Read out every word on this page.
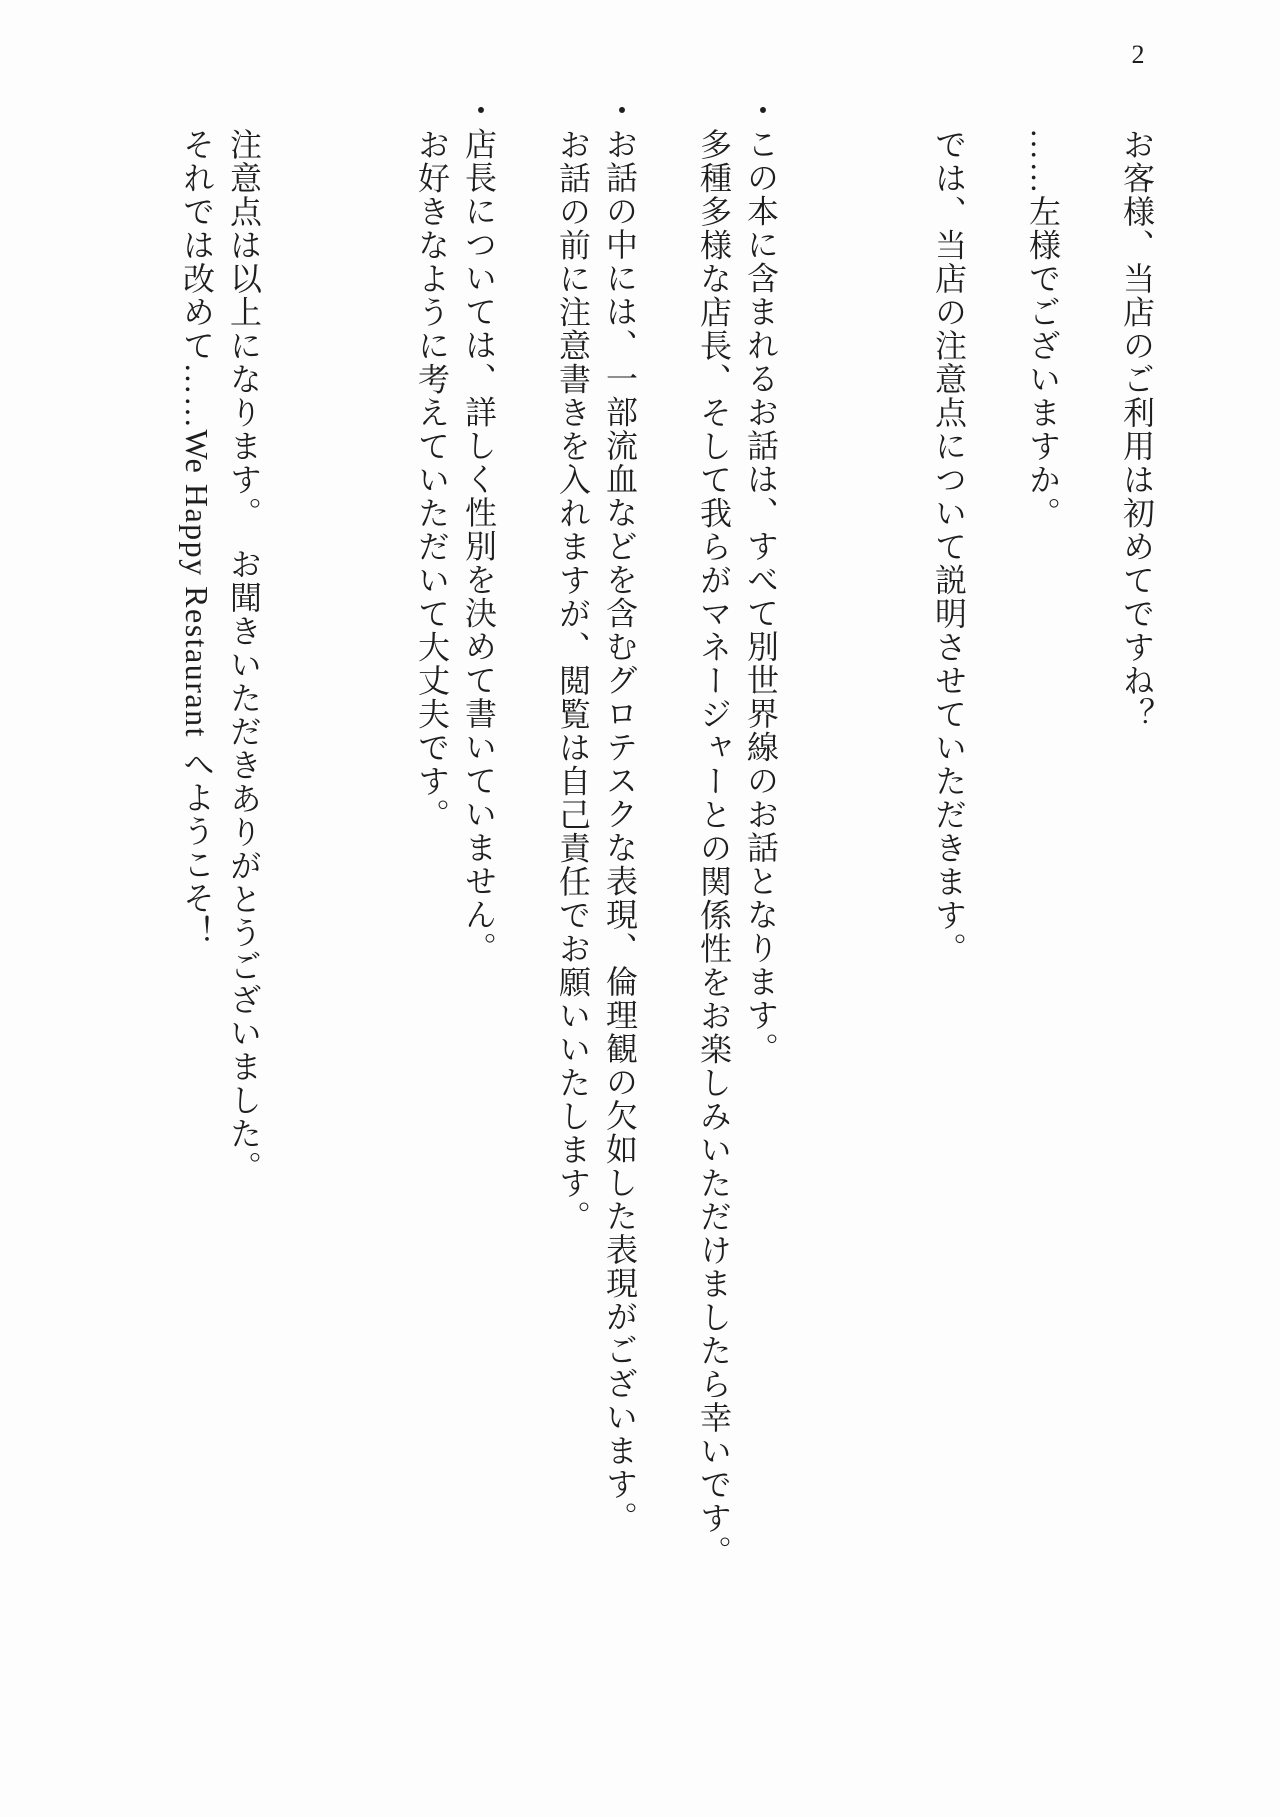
2

お客様、当店のご利用は初めてですね？

……左様でございますか。

では、当店の注意点について説明させていただきます。

・この本に含まれるお話は、すべて別世界線のお話となります。
多種多様な店長、そして我らがマネージャーとの関係性をお楽しみいただけましたら幸いです。

・お話の中には、一部流血などを含むグロテスクな表現、倫理観の欠如した表現がございます。
お話の前に注意書きを入れますが、閲覧は自己責任でお願いいたします。

・店長については、詳しく性別を決めて書いていません。
お好きなように考えていただいて大丈夫です。

注意点は以上になります。　お聞きいただきありがとうございました。

それでは改めて……We Happy Restaurant へようこそ！
